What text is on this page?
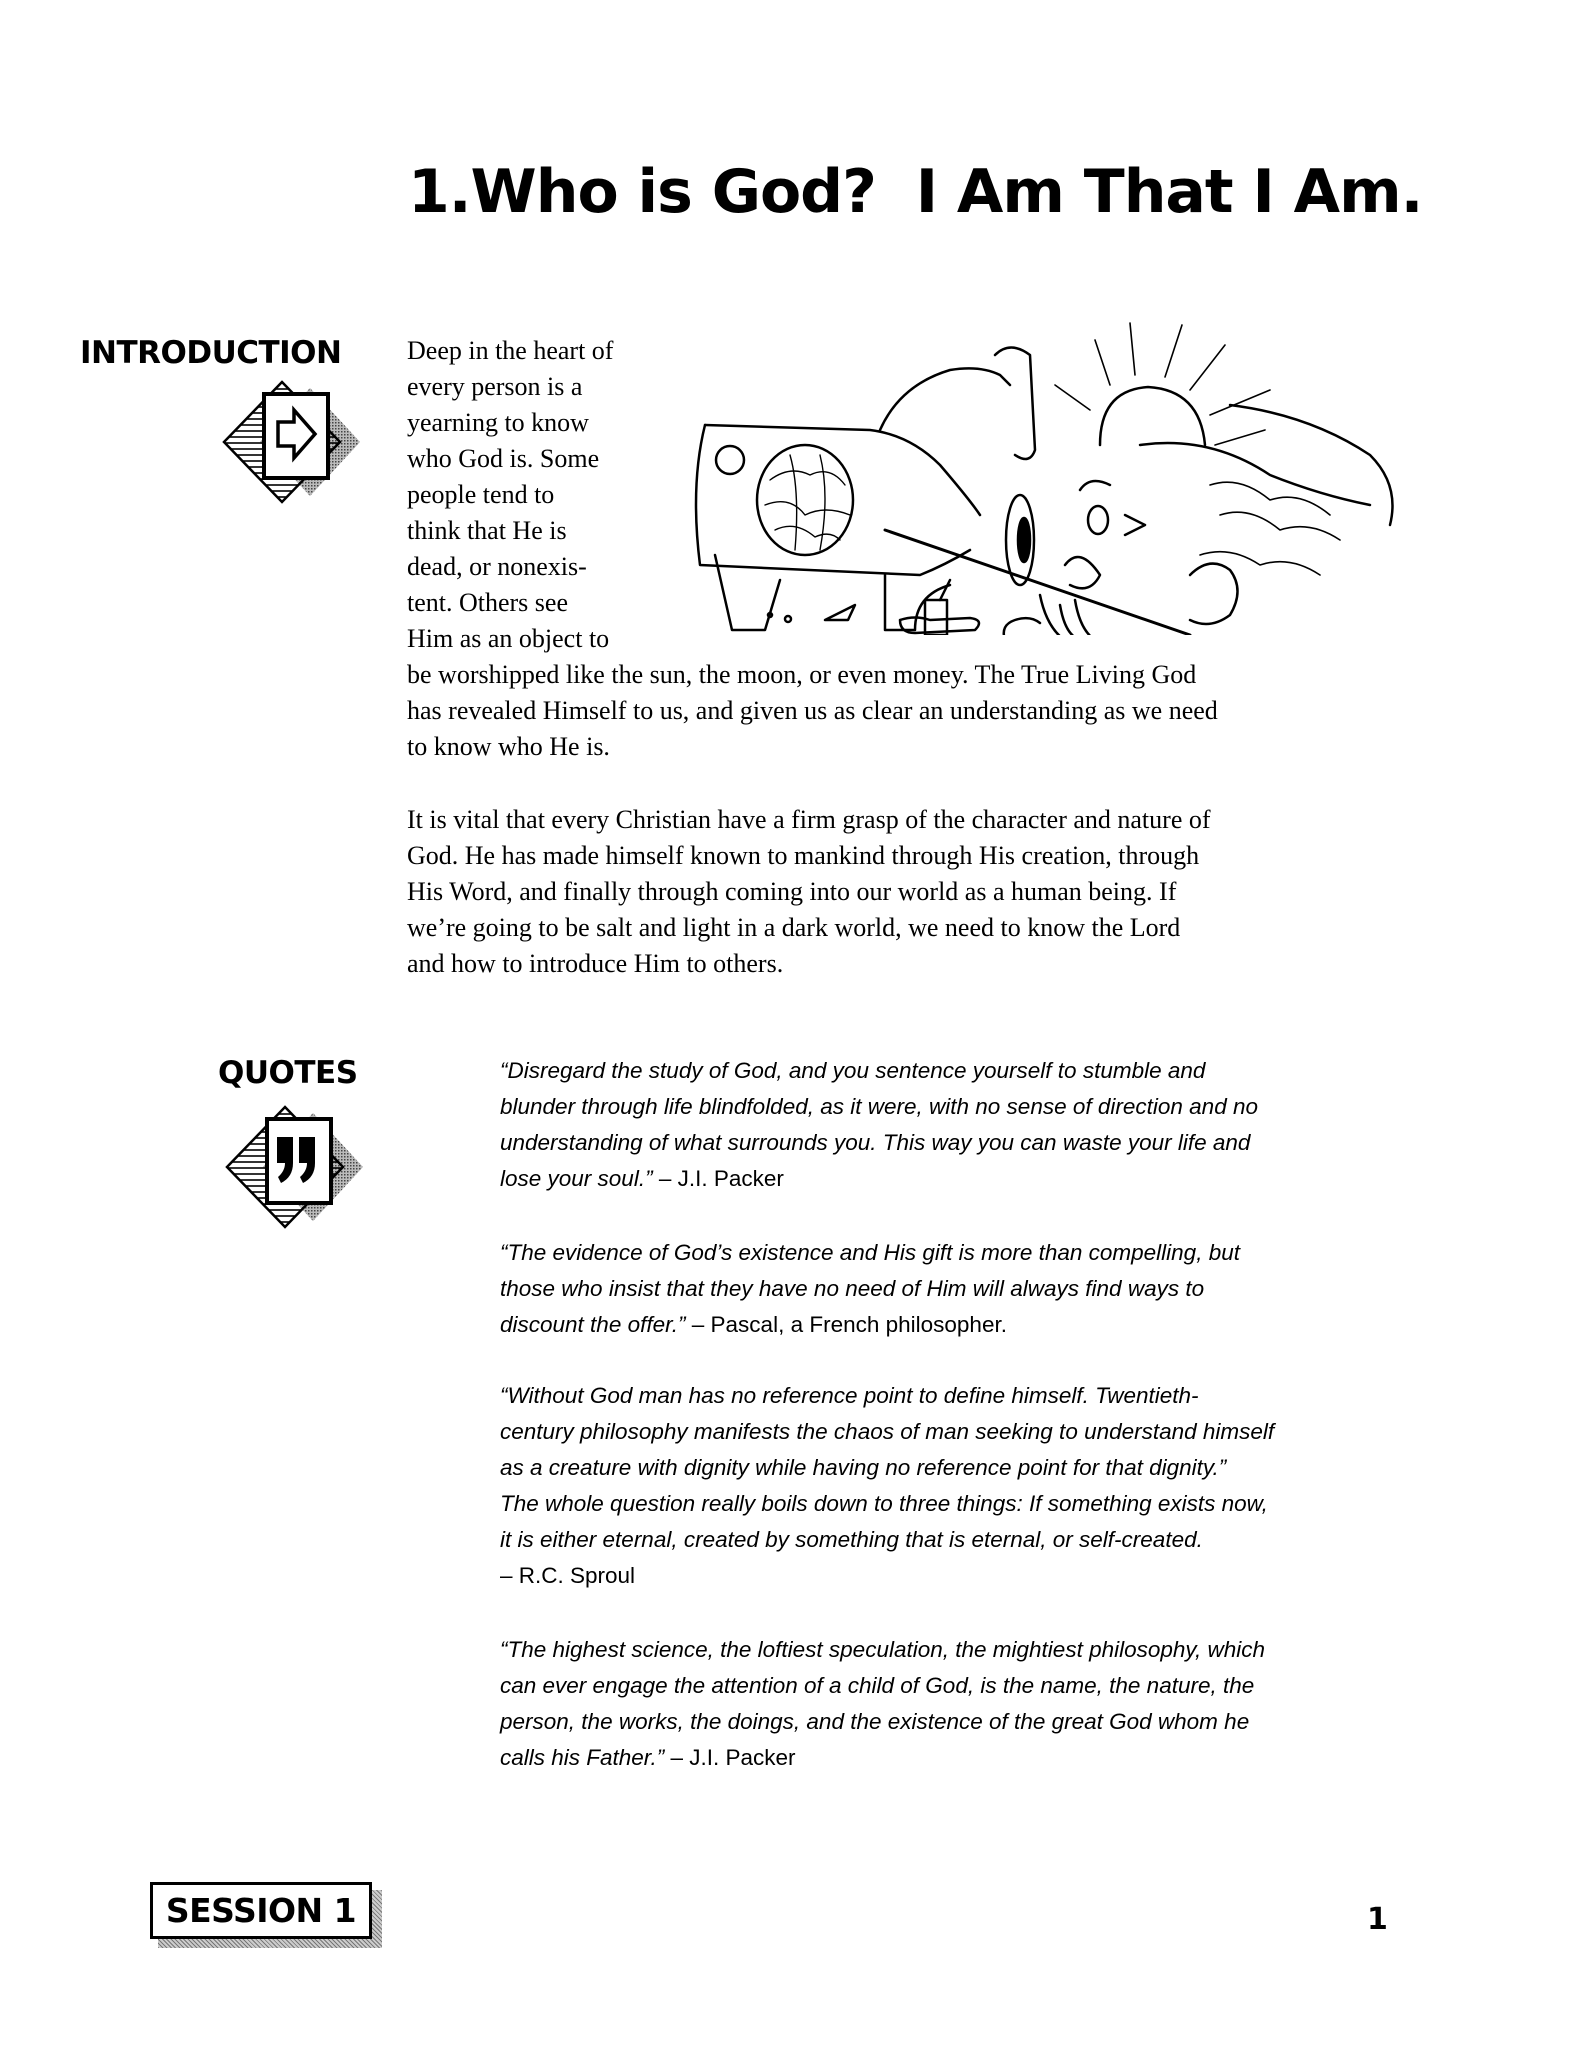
1.Who is God?  I Am That I Am.
INTRODUCTION	Deep in the heart of
every person is a
yearning to know
who God is. Some
people tend to
think that He is
dead, or nonexis-
tent. Others see
Him as an object to
be worshipped like the sun, the moon, or even money. The True Living God
has revealed Himself to us, and given us as clear an understanding as we need
to know who He is.
It is vital that every Christian have a firm grasp of the character and nature of
God. He has made himself known to mankind through His creation, through
His Word, and finally through coming into our world as a human being. If
we’re going to be salt and light in a dark world, we need to know the Lord
and how to introduce Him to others.
QUOTES	“Disregard the study of God, and you sentence yourself to stumble and
blunder through life blindfolded, as it were, with no sense of direction and no
understanding of what surrounds you. This way you can waste your life and
lose your soul.” – J.I. Packer
“The evidence of God’s existence and His gift is more than compelling, but
those who insist that they have no need of Him will always find ways to
discount the offer.” – Pascal, a French philosopher.
“Without God man has no reference point to define himself. Twentieth-
century philosophy manifests the chaos of man seeking to understand himself
as a creature with dignity while having no reference point for that dignity.”
The whole question really boils down to three things: If something exists now,
it is either eternal, created by something that is eternal, or self-created.
– R.C. Sproul
“The highest science, the loftiest speculation, the mightiest philosophy, which
can ever engage the attention of a child of God, is the name, the nature, the
person, the works, the doings, and the existence of the great God whom he
calls his Father.” – J.I. Packer
SESSION 1	1
